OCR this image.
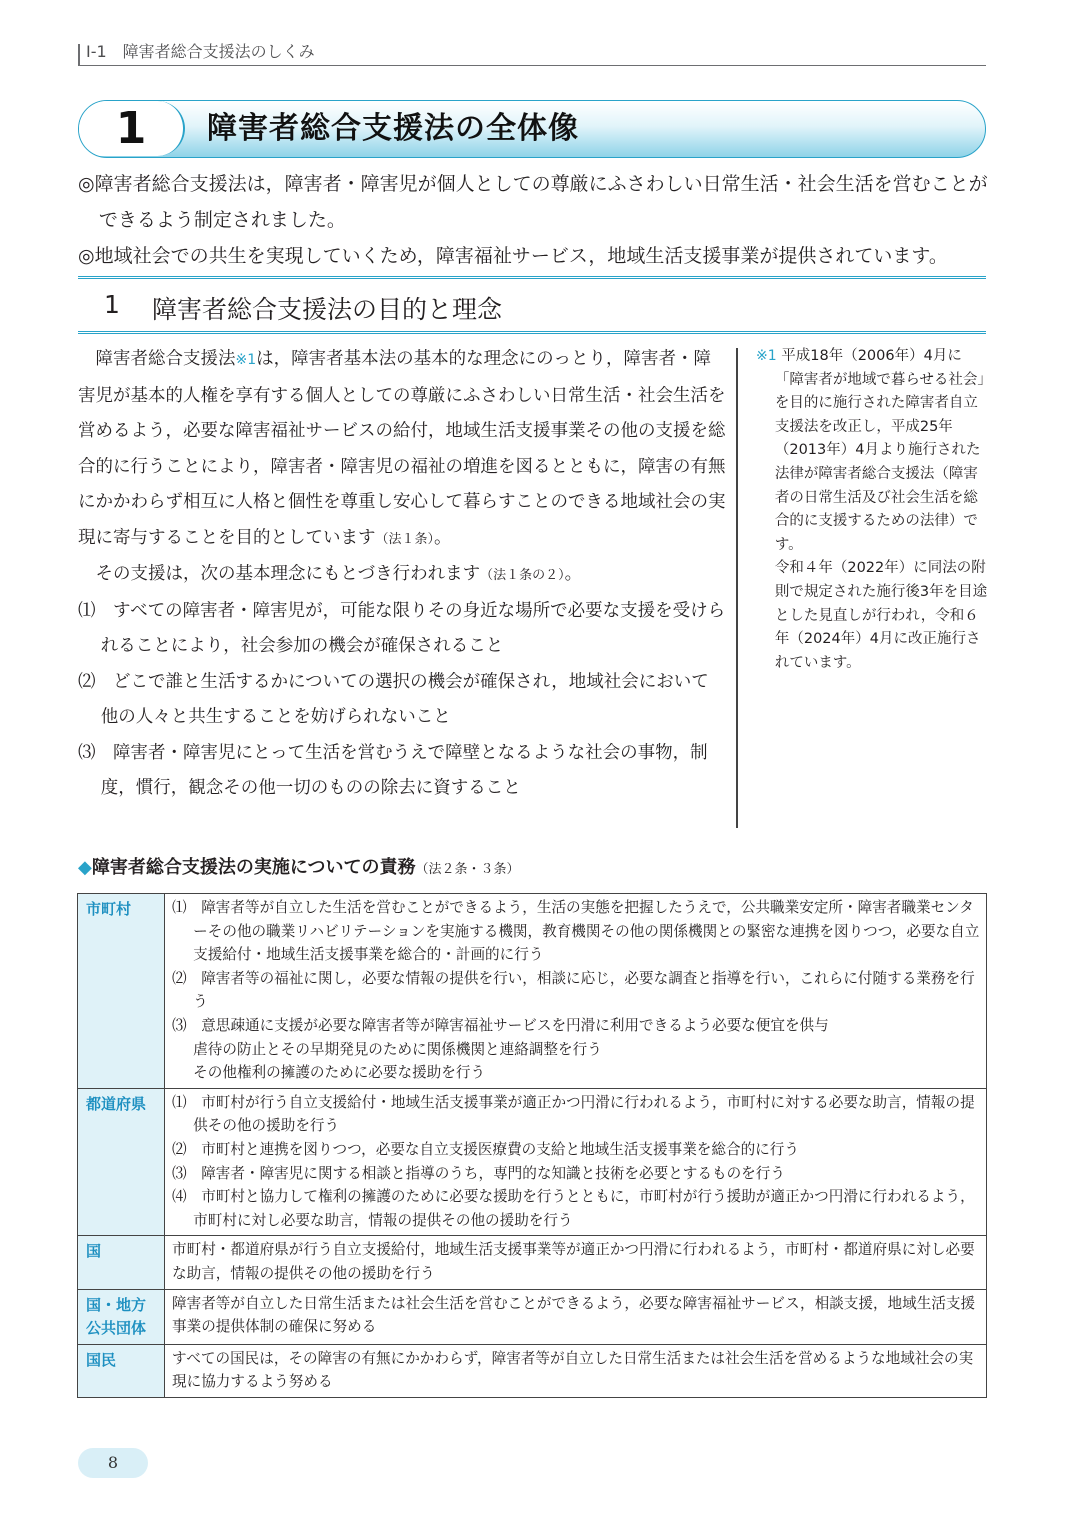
I-1　障害者総合支援法のしくみ
1	障害者総合支援法の全体像

◎障害者総合支援法は，障害者・障害児が個人としての尊厳にふさわしい日常生活・社会生活を営むことができるよう制定されました。

◎地域社会での共生を実現していくため，障害福祉サービス，地域生活支援事業が提供されています。

1 障害者総合支援法の目的と理念

障害者総合支援法※1は，障害者基本法の基本的な理念にのっとり，障害者・障害児が基本的人権を享有する個人としての尊厳にふさわしい日常生活・社会生活を営めるよう，必要な障害福祉サービスの給付，地域生活支援事業その他の支援を総合的に行うことにより，障害者・障害児の福祉の増進を図るとともに，障害の有無にかかわらず相互に人格と個性を尊重し安心して暮らすことのできる地域社会の実現に寄与することを目的としています（法１条）。

その支援は，次の基本理念にもとづき行われます（法１条の２）。

⑴　すべての障害者・障害児が，可能な限りその身近な場所で必要な支援を受けられることにより，社会参加の機会が確保されること

⑵　どこで誰と生活するかについての選択の機会が確保され，地域社会において他の人々と共生することを妨げられないこと

⑶　障害者・障害児にとって生活を営むうえで障壁となるような社会の事物，制度，慣行，観念その他一切のものの除去に資すること

※1 平成18年（2006年）4月に「障害者が地域で暮らせる社会」を目的に施行された障害者自立支援法を改正し，平成25年（2013年）4月より施行された法律が障害者総合支援法（障害者の日常生活及び社会生活を総合的に支援するための法律）です。

令和４年（2022年）に同法の附則で規定された施行後3年を目途とした見直しが行われ，令和６年（2024年）4月に改正施行されています。

◆障害者総合支援法の実施についての責務（法２条・３条）
市町村	⑴　障害者等が自立した生活を営むことができるよう，生活の実態を把握したうえで，公共職業安定所・障害者職業センターその他の職業リハビリテーションを実施する機関，教育機関その他の関係機関との緊密な連携を図りつつ，必要な自立支援給付・地域生活支援事業を総合的・計画的に行う
⑵　障害者等の福祉に関し，必要な情報の提供を行い，相談に応じ，必要な調査と指導を行い，これらに付随する業務を行う
⑶　意思疎通に支援が必要な障害者等が障害福祉サービスを円滑に利用できるよう必要な便宜を供与
虐待の防止とその早期発見のために関係機関と連絡調整を行う
その他権利の擁護のために必要な援助を行う

都道府県	⑴　市町村が行う自立支援給付・地域生活支援事業が適正かつ円滑に行われるよう，市町村に対する必要な助言，情報の提供その他の援助を行う
⑵　市町村と連携を図りつつ，必要な自立支援医療費の支給と地域生活支援事業を総合的に行う
⑶　障害者・障害児に関する相談と指導のうち，専門的な知識と技術を必要とするものを行う
⑷　市町村と協力して権利の擁護のために必要な援助を行うとともに，市町村が行う援助が適正かつ円滑に行われるよう，市町村に対し必要な助言，情報の提供その他の援助を行う

国	市町村・都道府県が行う自立支援給付，地域生活支援事業等が適正かつ円滑に行われるよう，市町村・都道府県に対し必要な助言，情報の提供その他の援助を行う

国・地方公共団体	障害者等が自立した日常生活または社会生活を営むことができるよう，必要な障害福祉サービス，相談支援，地域生活支援事業の提供体制の確保に努める

国民	すべての国民は，その障害の有無にかかわらず，障害者等が自立した日常生活または社会生活を営めるような地域社会の実現に協力するよう努める
8
